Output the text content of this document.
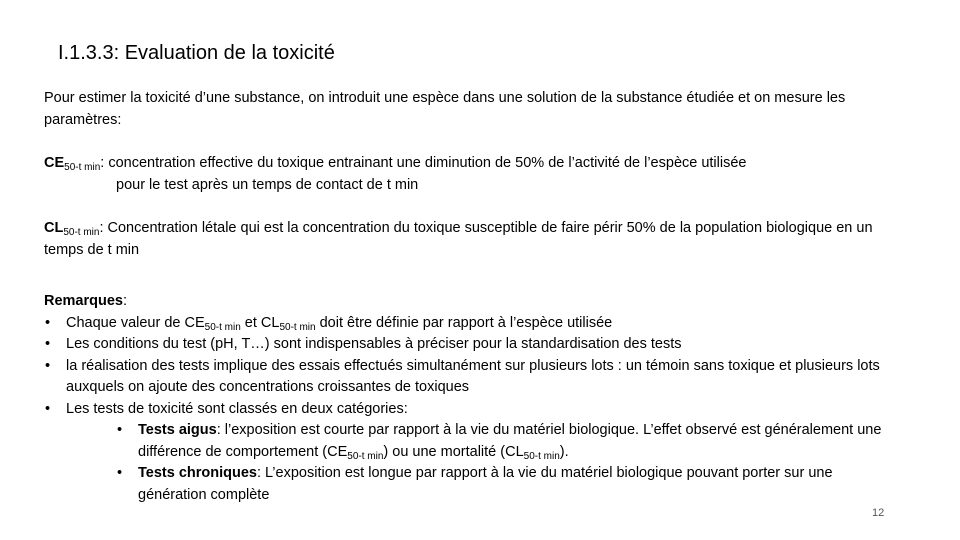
I.1.3.3: Evaluation de la toxicité

Pour estimer la toxicité d’une substance, on introduit une espèce dans une solution de la substance étudiée et on mesure les paramètres:

$CE_{50-t min}$: concentration effective du toxique entrainant une diminution de 50% de l’activité de l’espèce utilisée
pour le test après un temps de contact de t min

$CL_{50-t min}$: Concentration létale qui est la concentration du toxique susceptible de faire périr 50% de la population biologique en un temps de t min

Remarques:
• Chaque valeur de $CE_{50-t min}$ et $CL_{50-t min}$ doit être définie par rapport à l’espèce utilisée
• Les conditions du test (pH, T…) sont indispensables à préciser pour la standardisation des tests
• la réalisation des tests implique des essais effectués simultanément sur plusieurs lots : un témoin sans toxique et plusieurs lots auxquels on ajoute des concentrations croissantes de toxiques
• Les tests de toxicité sont classés en deux catégories:
• Tests aigus: l’exposition est courte par rapport à la vie du matériel biologique. L’effet observé est généralement une différence de comportement $(CE_{50-t min})$ ou une mortalité $(CL_{50-t min})$.
• Tests chroniques: L’exposition est longue par rapport à la vie du matériel biologique pouvant porter sur une génération complète
12
